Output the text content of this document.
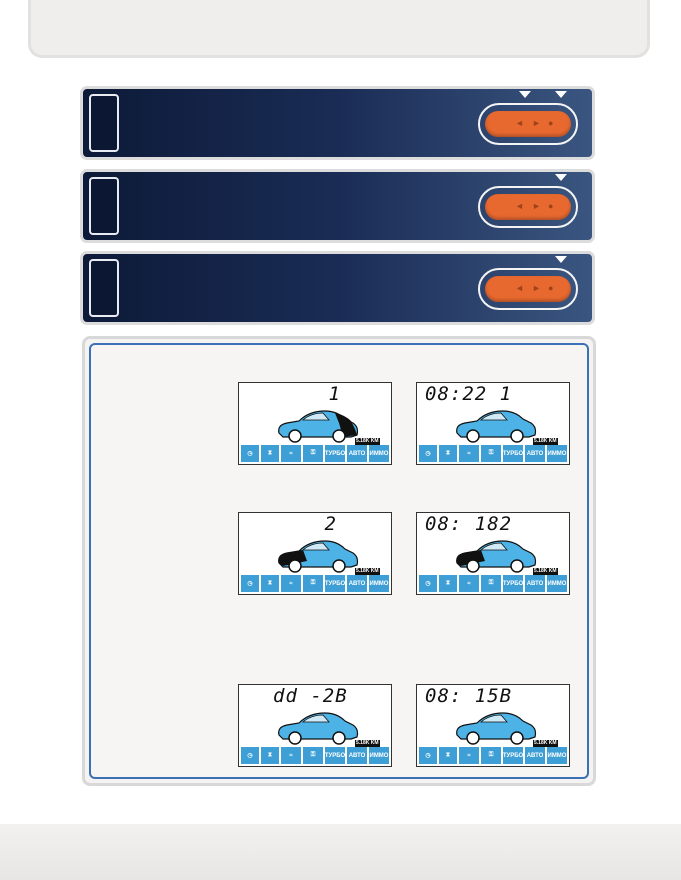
◄ ► ●
◄ ► ●
◄ ► ●
1
5.18K KM
◷	⧗	≈	⚿	ТУРБО АВТО ИММО
08:22 1
5.18K KM
◷	⧗	≈	⚿	ТУРБО АВТО ИММО
2
5.18K KM
◷	⧗	≈	⚿	ТУРБО АВТО ИММО
08: 182
5.18K KM
◷	⧗	≈	⚿	ТУРБО АВТО ИММО
dd -2B
5.18K KM
◷	⧗	≈	⚿	ТУРБО АВТО ИММО
08: 15B
5.18K KM
◷	⧗	≈	⚿	ТУРБО АВТО ИММО
